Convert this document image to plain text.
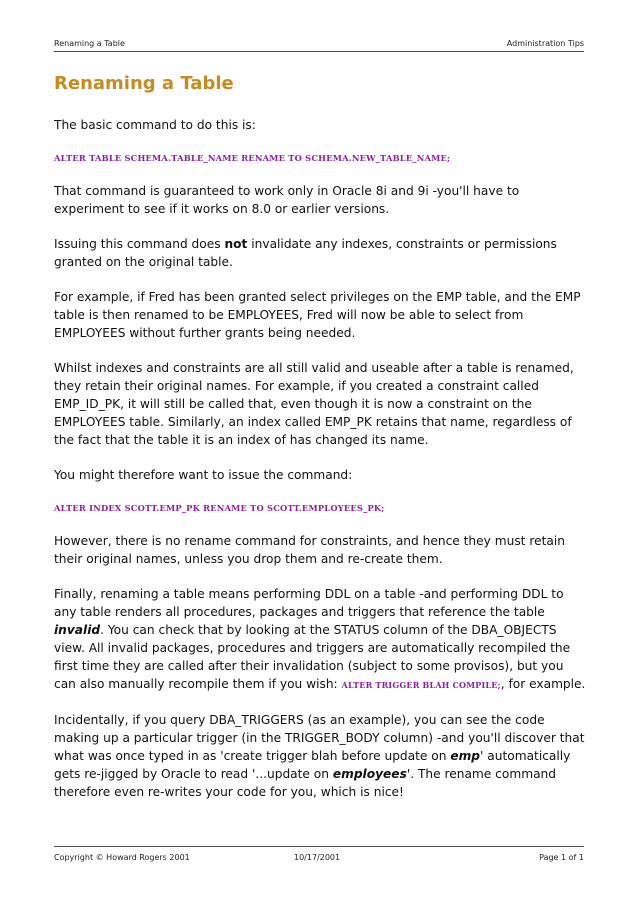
Renaming a Table	Administration Tips
Renaming a Table

The basic command to do this is:

ALTER TABLE SCHEMA.TABLE_NAME RENAME TO SCHEMA.NEW_TABLE_NAME;

That command is guaranteed to work only in Oracle 8i and 9i -you'll have to experiment to see if it works on 8.0 or earlier versions.

Issuing this command does not invalidate any indexes, constraints or permissions granted on the original table.

For example, if Fred has been granted select privileges on the EMP table, and the EMP table is then renamed to be EMPLOYEES, Fred will now be able to select from EMPLOYEES without further grants being needed.

Whilst indexes and constraints are all still valid and useable after a table is renamed, they retain their original names. For example, if you created a constraint called EMP_ID_PK, it will still be called that, even though it is now a constraint on the EMPLOYEES table. Similarly, an index called EMP_PK retains that name, regardless of the fact that the table it is an index of has changed its name.

You might therefore want to issue the command:

ALTER INDEX SCOTT.EMP_PK RENAME TO SCOTT.EMPLOYEES_PK;

However, there is no rename command for constraints, and hence they must retain their original names, unless you drop them and re-create them.

Finally, renaming a table means performing DDL on a table -and performing DDL to any table renders all procedures, packages and triggers that reference the table invalid. You can check that by looking at the STATUS column of the DBA_OBJECTS view. All invalid packages, procedures and triggers are automatically recompiled the first time they are called after their invalidation (subject to some provisos), but you can also manually recompile them if you wish: ALTER TRIGGER BLAH COMPILE;, for example.

Incidentally, if you query DBA_TRIGGERS (as an example), you can see the code making up a particular trigger (in the TRIGGER_BODY column) -and you'll discover that what was once typed in as 'create trigger blah before update on emp' automatically gets re-jigged by Oracle to read '...update on employees'. The rename command therefore even re-writes your code for you, which is nice!

Copyright © Howard Rogers 2001	10/17/2001	Page 1 of 1
